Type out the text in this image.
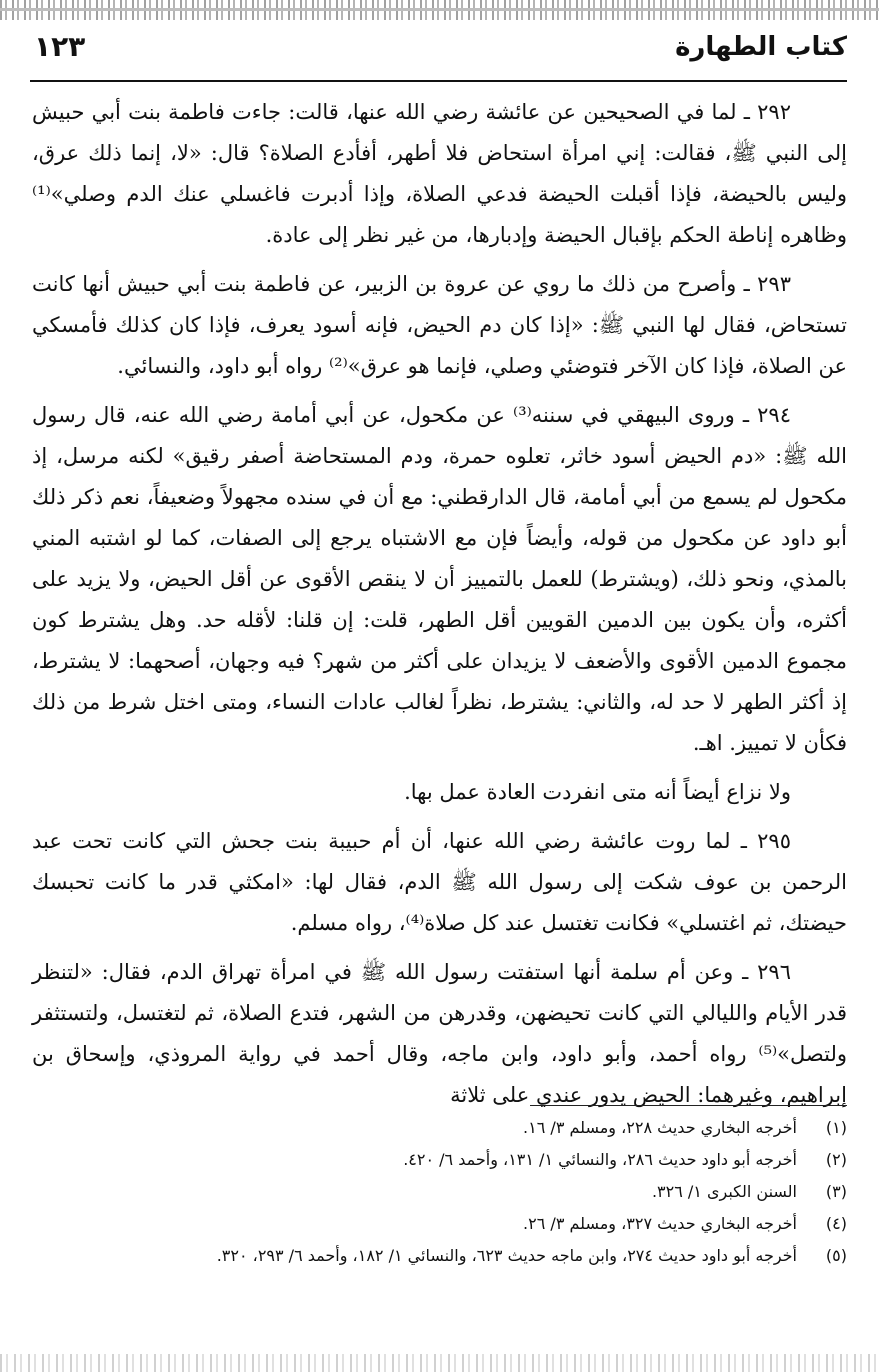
كتاب الطهارة
١٢٣

٢٩٢ ـ لما في الصحيحين عن عائشة رضي الله عنها، قالت: جاءت فاطمة بنت أبي حبيش إلى النبي ﷺ، فقالت: إني امرأة استحاض فلا أطهر، أفأدع الصلاة؟ قال: «لا، إنما ذلك عرق، وليس بالحيضة، فإذا أقبلت الحيضة فدعي الصلاة، وإذا أدبرت فاغسلي عنك الدم وصلي»⁽¹⁾ وظاهره إناطة الحكم بإقبال الحيضة وإدبارها، من غير نظر إلى عادة.

٢٩٣ ـ وأصرح من ذلك ما روي عن عروة بن الزبير، عن فاطمة بنت أبي حبيش أنها كانت تستحاض، فقال لها النبي ﷺ: «إذا كان دم الحيض، فإنه أسود يعرف، فإذا كان كذلك فأمسكي عن الصلاة، فإذا كان الآخر فتوضئي وصلي، فإنما هو عرق»⁽²⁾ رواه أبو داود، والنسائي.

٢٩٤ ـ وروى البيهقي في سننه⁽³⁾ عن مكحول، عن أبي أمامة رضي الله عنه، قال رسول الله ﷺ: «دم الحيض أسود خاثر، تعلوه حمرة، ودم المستحاضة أصفر رقيق» لكنه مرسل، إذ مكحول لم يسمع من أبي أمامة، قال الدارقطني: مع أن في سنده مجهولاً وضعيفاً، نعم ذكر ذلك أبو داود عن مكحول من قوله، وأيضاً فإن مع الاشتباه يرجع إلى الصفات، كما لو اشتبه المني بالمذي، ونحو ذلك، (ويشترط) للعمل بالتمييز أن لا ينقص الأقوى عن أقل الحيض، ولا يزيد على أكثره، وأن يكون بين الدمين القويين أقل الطهر، قلت: إن قلنا: لأقله حد. وهل يشترط كون مجموع الدمين الأقوى والأضعف لا يزيدان على أكثر من شهر؟ فيه وجهان، أصحهما: لا يشترط، إذ أكثر الطهر لا حد له، والثاني: يشترط، نظراً لغالب عادات النساء، ومتى اختل شرط من ذلك فكأن لا تمييز. اهـ.

ولا نزاع أيضاً أنه متى انفردت العادة عمل بها.

٢٩٥ ـ لما روت عائشة رضي الله عنها، أن أم حبيبة بنت جحش التي كانت تحت عبد الرحمن بن عوف شكت إلى رسول الله ﷺ الدم، فقال لها: «امكثي قدر ما كانت تحبسك حيضتك، ثم اغتسلي» فكانت تغتسل عند كل صلاة⁽⁴⁾، رواه مسلم.

٢٩٦ ـ وعن أم سلمة أنها استفتت رسول الله ﷺ في امرأة تهراق الدم، فقال: «لتنظر قدر الأيام والليالي التي كانت تحيضهن، وقدرهن من الشهر، فتدع الصلاة، ثم لتغتسل، ولتستثفر ولتصل»⁽⁵⁾ رواه أحمد، وأبو داود، وابن ماجه، وقال أحمد في رواية المروذي، وإسحاق بن إبراهيم، وغيرهما: الحيض يدور عندي على ثلاثة

(١)
أخرجه البخاري حديث ٢٢٨، ومسلم ٣/ ١٦.
(٢)
أخرجه أبو داود حديث ٢٨٦، والنسائي ١/ ١٣١، وأحمد ٦/ ٤٢٠.
(٣)
السنن الكبرى ١/ ٣٢٦.
(٤)
أخرجه البخاري حديث ٣٢٧، ومسلم ٣/ ٢٦.
(٥)
أخرجه أبو داود حديث ٢٧٤، وابن ماجه حديث ٦٢٣، والنسائي ١/ ١٨٢، وأحمد ٦/ ٢٩٣، ٣٢٠.
